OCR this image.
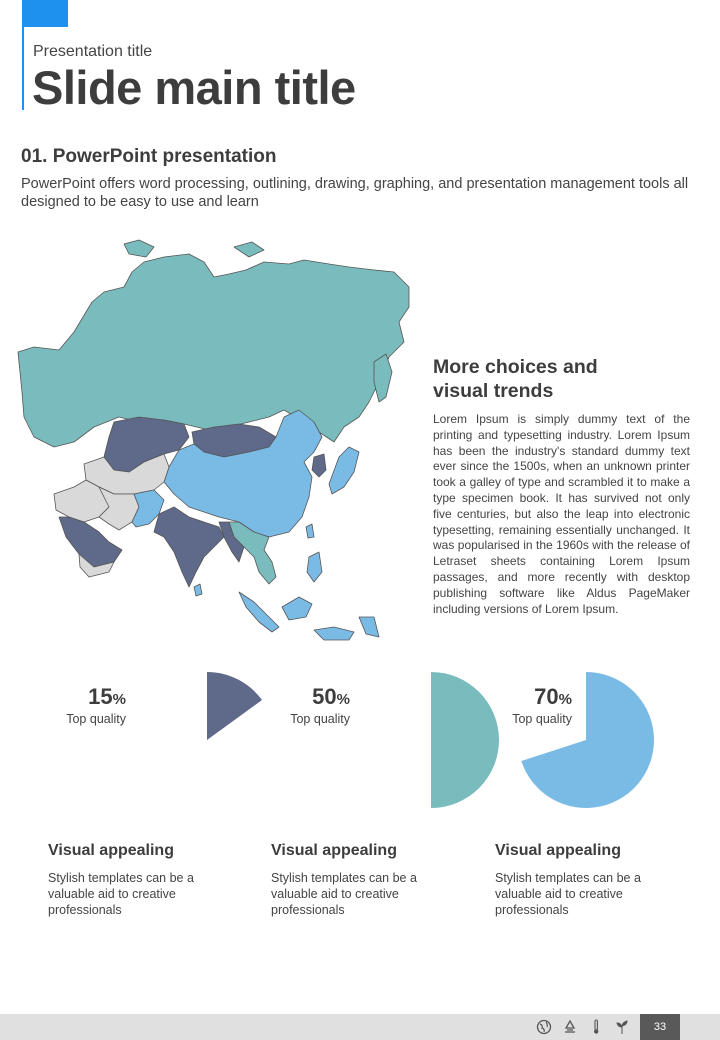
Presentation title
Slide main title
01. PowerPoint presentation
PowerPoint offers word processing, outlining, drawing, graphing, and presentation management tools all designed to be easy to use and learn
More choices and
visual trends
Lorem Ipsum is simply dummy text of the printing and typesetting industry. Lorem Ipsum has been the industry's standard dummy text ever since the 1500s, when an unknown printer took a galley of type and scrambled it to make a type specimen book. It has survived not only five centuries, but also the leap into electronic typesetting, remaining essentially unchanged. It was popularised in the 1960s with the release of Letraset sheets containing Lorem Ipsum passages, and more recently with desktop publishing software like Aldus PageMaker including versions of Lorem Ipsum.
15%
Top quality
50%
Top quality
70%
Top quality
Visual appealing
Stylish templates can be a valuable aid to creative professionals
Visual appealing
Stylish templates can be a valuable aid to creative professionals
Visual appealing
Stylish templates can be a valuable aid to creative professionals
33
